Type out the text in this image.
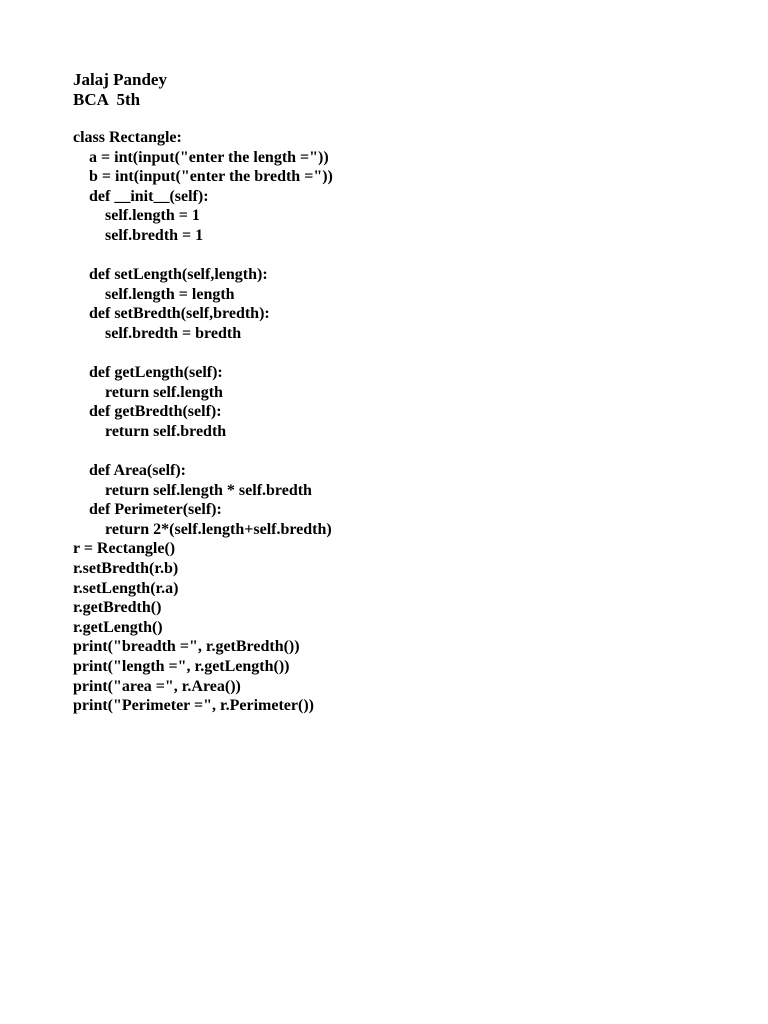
Jalaj Pandey
BCA  5th
class Rectangle:
a = int(input("enter the length ="))
b = int(input("enter the bredth ="))
def __init__(self):
self.length = 1
self.bredth = 1
def setLength(self,length):
self.length = length
def setBredth(self,bredth):
self.bredth = bredth
def getLength(self):
return self.length
def getBredth(self):
return self.bredth
def Area(self):
return self.length * self.bredth
def Perimeter(self):
return 2*(self.length+self.bredth)
r = Rectangle()
r.setBredth(r.b)
r.setLength(r.a)
r.getBredth()
r.getLength()
print("breadth =", r.getBredth())
print("length =", r.getLength())
print("area =", r.Area())
print("Perimeter =", r.Perimeter())
